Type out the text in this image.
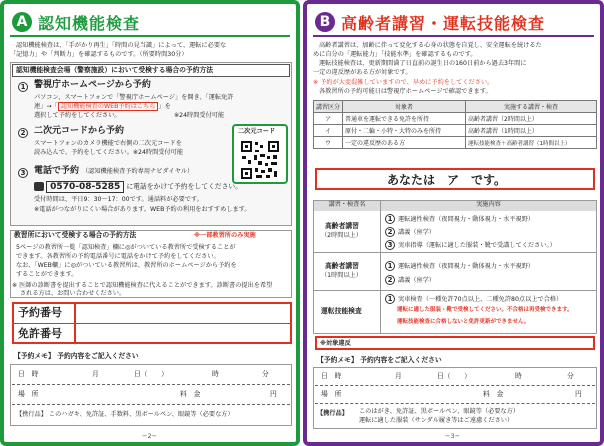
A 認知機能検査
認知機能検査は、「手がかり再生」「時間の見当識」によって、運転に必要な
「記憶力」や「判断力」を確認するものです。（所要時間30分）
認知機能検査会場（警察施設）において受検する場合の予約方法
1 警視庁ホームページから予約
パソコン、スマートフォンで「警視庁ホームページ」を開き、「運転免許
連」→「 認知機能検査のWEB予約はこちら 」を
選択して予約をしてください。	※24時間受付可能
2 二次元コードから予約
スマートフォンのカメラ機能で右側の二次元コードを
読み込んで、予約をしてください。※24時間受付可能
二次元コード
3 電話で予約 （認知機能検査予約専用ナビダイヤル）
0570-08-5285 に電話をかけて予約をしてください。
受付時間は、平日9：30～17：00です。通話料が必要です。
※電話がつながりにくい場合があります。WEB予約の利用をおすすめします。
教習所において受検する場合の予約方法	※一部教習所のみ実施
5ページの教習所一覧「認知検査」欄に◎がついている教習所で受検することが
できます。各教習所の予約電話番号に電話をかけて予約をしてください。
なお、「WEB欄」に◎がついている教習所は、教習所のホームページから予約を
することができます。
※ 医師の診断書を提出することで認知機能検査に代えることができます。診断書の提出を希望
される方は、お問い合わせください。
予約番号
免許番号
【予約メモ】 予約内容をご記入ください
日　時	月	日（　　）	時	分
場　所	料　金	円
【携行品】 このハガキ、免許証、手数料、黒ボールペン、眼鏡等（必要な方）
−2−
B 高齢者講習・運転技能検査
高齢者講習は、加齢に伴って変化する心身の状態を自覚し、安全運転を続けるた
めに自分の「運転能力」「技能水準」を確認するものです。
運転技能検査は、更新期間満了日直前の誕生日の160日前から過去3年間に
一定の違反歴がある方が対象です。
※ 予約が大変混雑していますので、早めに予約をしてください。
各教習所の予約可能日は警視庁ホームページで確認できます。
講習区分	対象者	実施する講習・検査
ア	普通車を運転できる免許を所持	高齢者講習（2時間以上）
イ	原付・二輪・小特・大特のみを所持	高齢者講習（1時間以上）
ウ	一定の違反歴のある方	運転技能検査＋高齢者講習（1時間以上）
あなたは　ア　です。
講習・検査名	実施内容
高齢者講習
（2時間以上）
1 運転適性検査（夜間視力・動体視力・水平視野）
2 講義（座学）
3 実車指導（運転に適した服装・靴で受講してください。）
高齢者講習
（1時間以上）
1 運転適性検査（夜間視力・動体視力・水平視野）
2 講義（座学）
運転技能検査
1 実車検査（一種免許70点以上、二種免許80点以上で合格）
運転に適した服装・靴で受検してください。不合格は再受検できます。
運転技能検査に合格しないと免許更新ができません。
※対象違反
【予約メモ】 予約内容をご記入ください
日　時	月	日（　　）	時	分
場　所	料　金	円
【携行品】 このはがき、免許証、黒ボールペン、眼鏡等（必要な方）
運転に適した服装（サンダル履き等はご遠慮ください）
−3−
